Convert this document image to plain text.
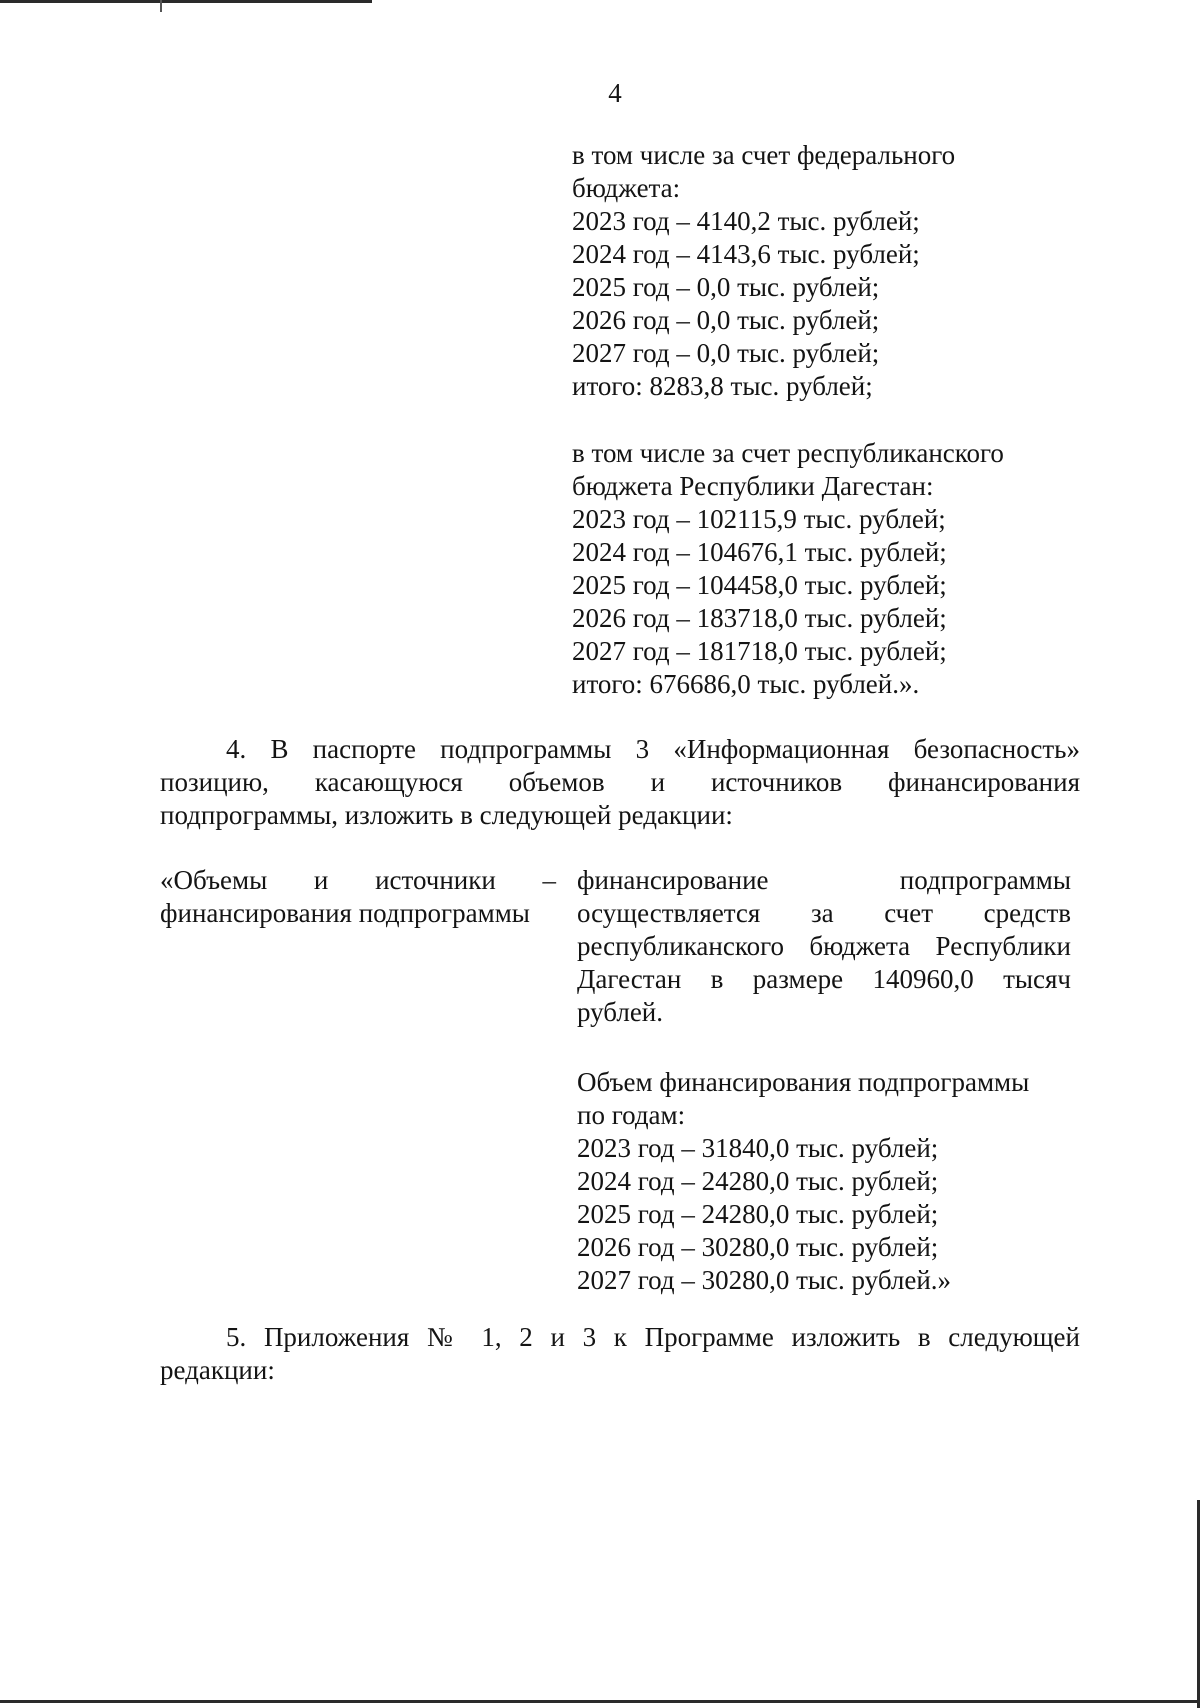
4
в том числе за счет федерального
бюджета:
2023 год – 4140,2 тыс. рублей;
2024 год – 4143,6 тыс. рублей;
2025 год – 0,0 тыс. рублей;
2026 год – 0,0 тыс. рублей;
2027 год – 0,0 тыс. рублей;
итого: 8283,8 тыс. рублей;
в том числе за счет республиканского
бюджета Республики Дагестан:
2023 год – 102115,9 тыс. рублей;
2024 год – 104676,1 тыс. рублей;
2025 год – 104458,0 тыс. рублей;
2026 год – 183718,0 тыс. рублей;
2027 год – 181718,0 тыс. рублей;
итого: 676686,0 тыс. рублей.».
4. В паспорте подпрограммы 3 «Информационная безопасность»
позицию, касающуюся объемов и источников финансирования
подпрограммы, изложить в следующей редакции:
«Объемы и источники –
финансирования подпрограммы
финансирование подпрограммы
осуществляется за счет средств
республиканского бюджета Республики
Дагестан в размере 140960,0 тысяч
рублей.
Объем финансирования подпрограммы
по годам:
2023 год – 31840,0 тыс. рублей;
2024 год – 24280,0 тыс. рублей;
2025 год – 24280,0 тыс. рублей;
2026 год – 30280,0 тыс. рублей;
2027 год – 30280,0 тыс. рублей.»
5. Приложения № 1, 2 и 3 к Программе изложить в следующей
редакции:
